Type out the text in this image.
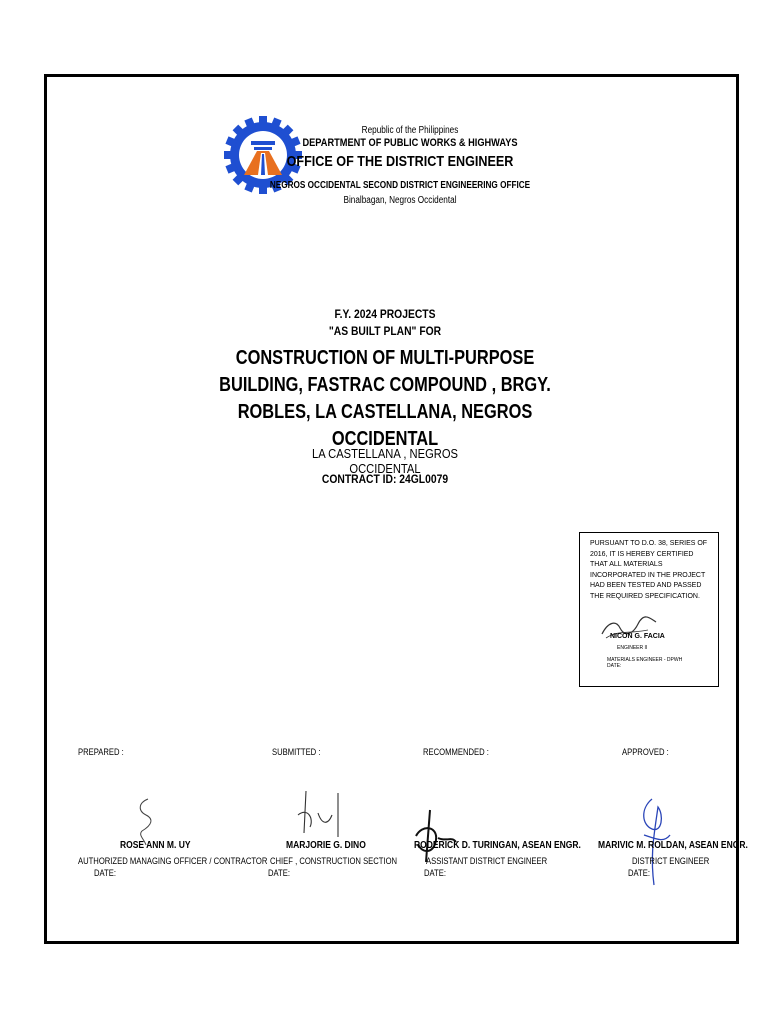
Republic of the Philippines
DEPARTMENT OF PUBLIC WORKS & HIGHWAYS
OFFICE OF THE DISTRICT ENGINEER
NEGROS OCCIDENTAL SECOND DISTRICT ENGINEERING OFFICE
Binalbagan, Negros Occidental
F.Y. 2024 PROJECTS
"AS BUILT PLAN" FOR
CONSTRUCTION OF MULTI-PURPOSE BUILDING, FASTRAC COMPOUND , BRGY. ROBLES, LA CASTELLANA, NEGROS OCCIDENTAL
LA CASTELLANA , NEGROS OCCIDENTAL
CONTRACT ID: 24GL0079
PURSUANT TO D.O. 38, SERIES OF 2016, IT IS HEREBY CERTIFIED THAT ALL MATERIALS INCORPORATED IN THE PROJECT HAD BEEN TESTED AND PASSED THE REQUIRED SPECIFICATION.
NICON G. FACIA
ENGINEER II
MATERIALS ENGINEER - DPWH
DATE:
PREPARED :	SUBMITTED :	RECOMMENDED :	APPROVED :
ROSE ANN M. UY
AUTHORIZED MANAGING OFFICER / CONTRACTOR
DATE:
MARJORIE G. DINO
CHIEF , CONSTRUCTION SECTION
DATE:
RODERICK D. TURINGAN, ASEAN ENGR.
ASSISTANT DISTRICT ENGINEER
DATE:
MARIVIC M. ROLDAN, ASEAN ENGR.
DISTRICT ENGINEER
DATE:
